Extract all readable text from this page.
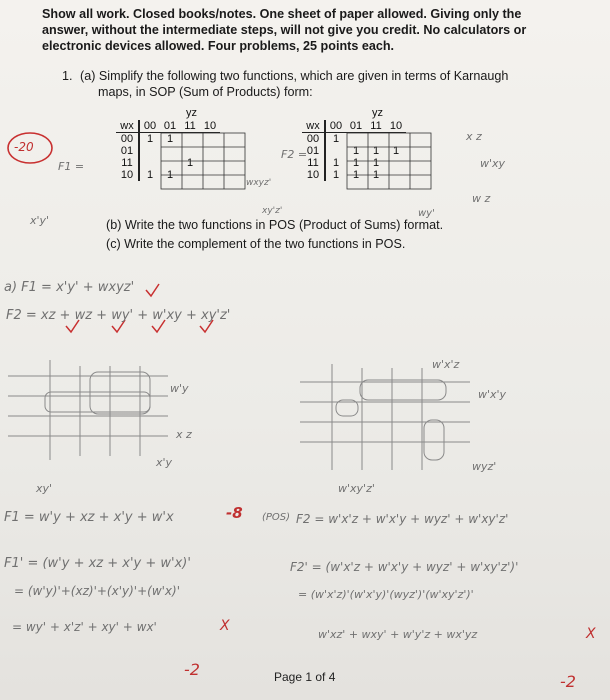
Show all work. Closed books/notes. One sheet of paper allowed. Giving only the
answer, without the intermediate steps, will not give you credit. No calculators or
electronic devices allowed. Four problems, 25 points each.
1. (a) Simplify the following two functions, which are given in terms of Karnaugh
maps, in SOP (Sum of Products) form:
yz
wx	00	01	11	10
00	1	1		
01				
11			1	
10	1	1		
yz
wx	00	01	11	10
00	1			
01		1	1	1
11	1	1	1	
10	1	1	1	
(b) Write the two functions in POS (Product of Sums) format.
(c) Write the complement of the two functions in POS.
-20
F1 =
F2 =
wxyz'
x z
w'xy
w z
x'y'
xy'z'	wy'
a) F1 = x'y' + wxyz'
F2 = xz + wz + wy' + w'xy + xy'z'
w'y
x z
x'y
xy'
w'x'z
w'x'y
wyz'
w'xy'z'
F1 = w'y + xz + x'y + w'x	-8 (POS) F2 = w'x'z + w'x'y + wyz' + w'xy'z'
F1' = (w'y + xz + x'y + w'x)'
= (w'y)'+(xz)'+(x'y)'+(w'x)'
= wy' + x'z' + xy' + wx'	X
F2' = (w'x'z + w'x'y + wyz' + w'xy'z')'
= (w'x'z)'(w'x'y)'(wyz')'(w'xy'z')'
w'xz' + wxy' + w'y'z + wx'yz	X
-2
-2
Page 1 of 4
